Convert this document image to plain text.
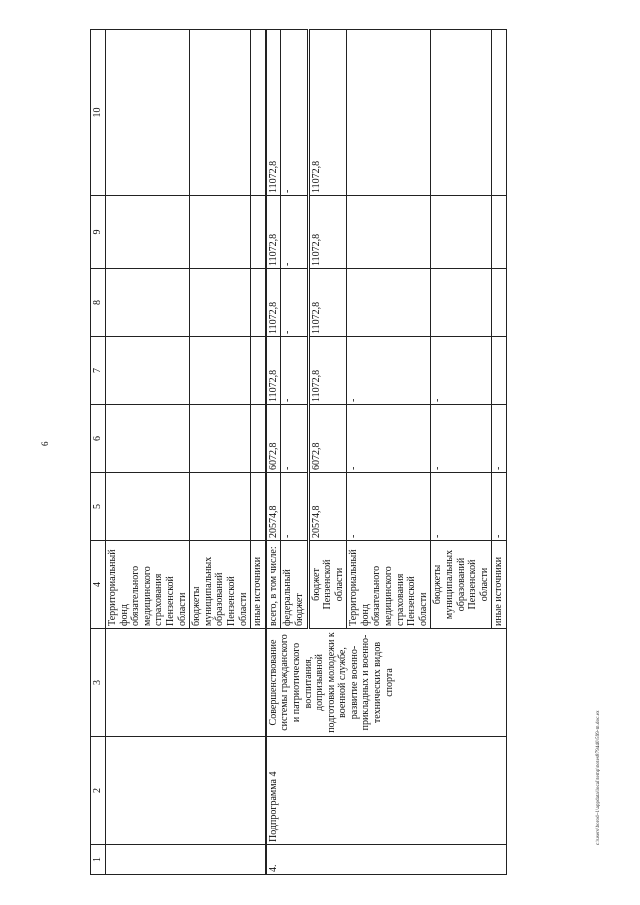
6
c:\users\borod~1\appdata\local\temp\notes879440\599-m.doc.ex
1	2	3	4	5	6	7	8	9	10
			Территориальный фонд обязательного медицинского страхования Пензенской области						
			бюджеты муниципальных образований Пензенской области						
			иные источники						
4.	Подпрограмма 4	Совершенствование системы гражданского и патриотического воспитания, допризывной подготовки молодежи к военной службе, развитие военно-прикладных и военно-технических видов спорта	всего, в том числе:	20574,8	6072,8	11072,8	11072,8	11072,8	11072,8
			федеральный бюджет	-	-	-	-	-	-
			бюджет Пензенской области	20574,8	6072,8	11072,8	11072,8	11072,8	11072,8
			Территориальный фонд обязательного медицинского страхования Пензенской области	-	-	-			
			бюджеты муниципальных образований Пензенской области	-	-	-			
			иные источники	-	-				
